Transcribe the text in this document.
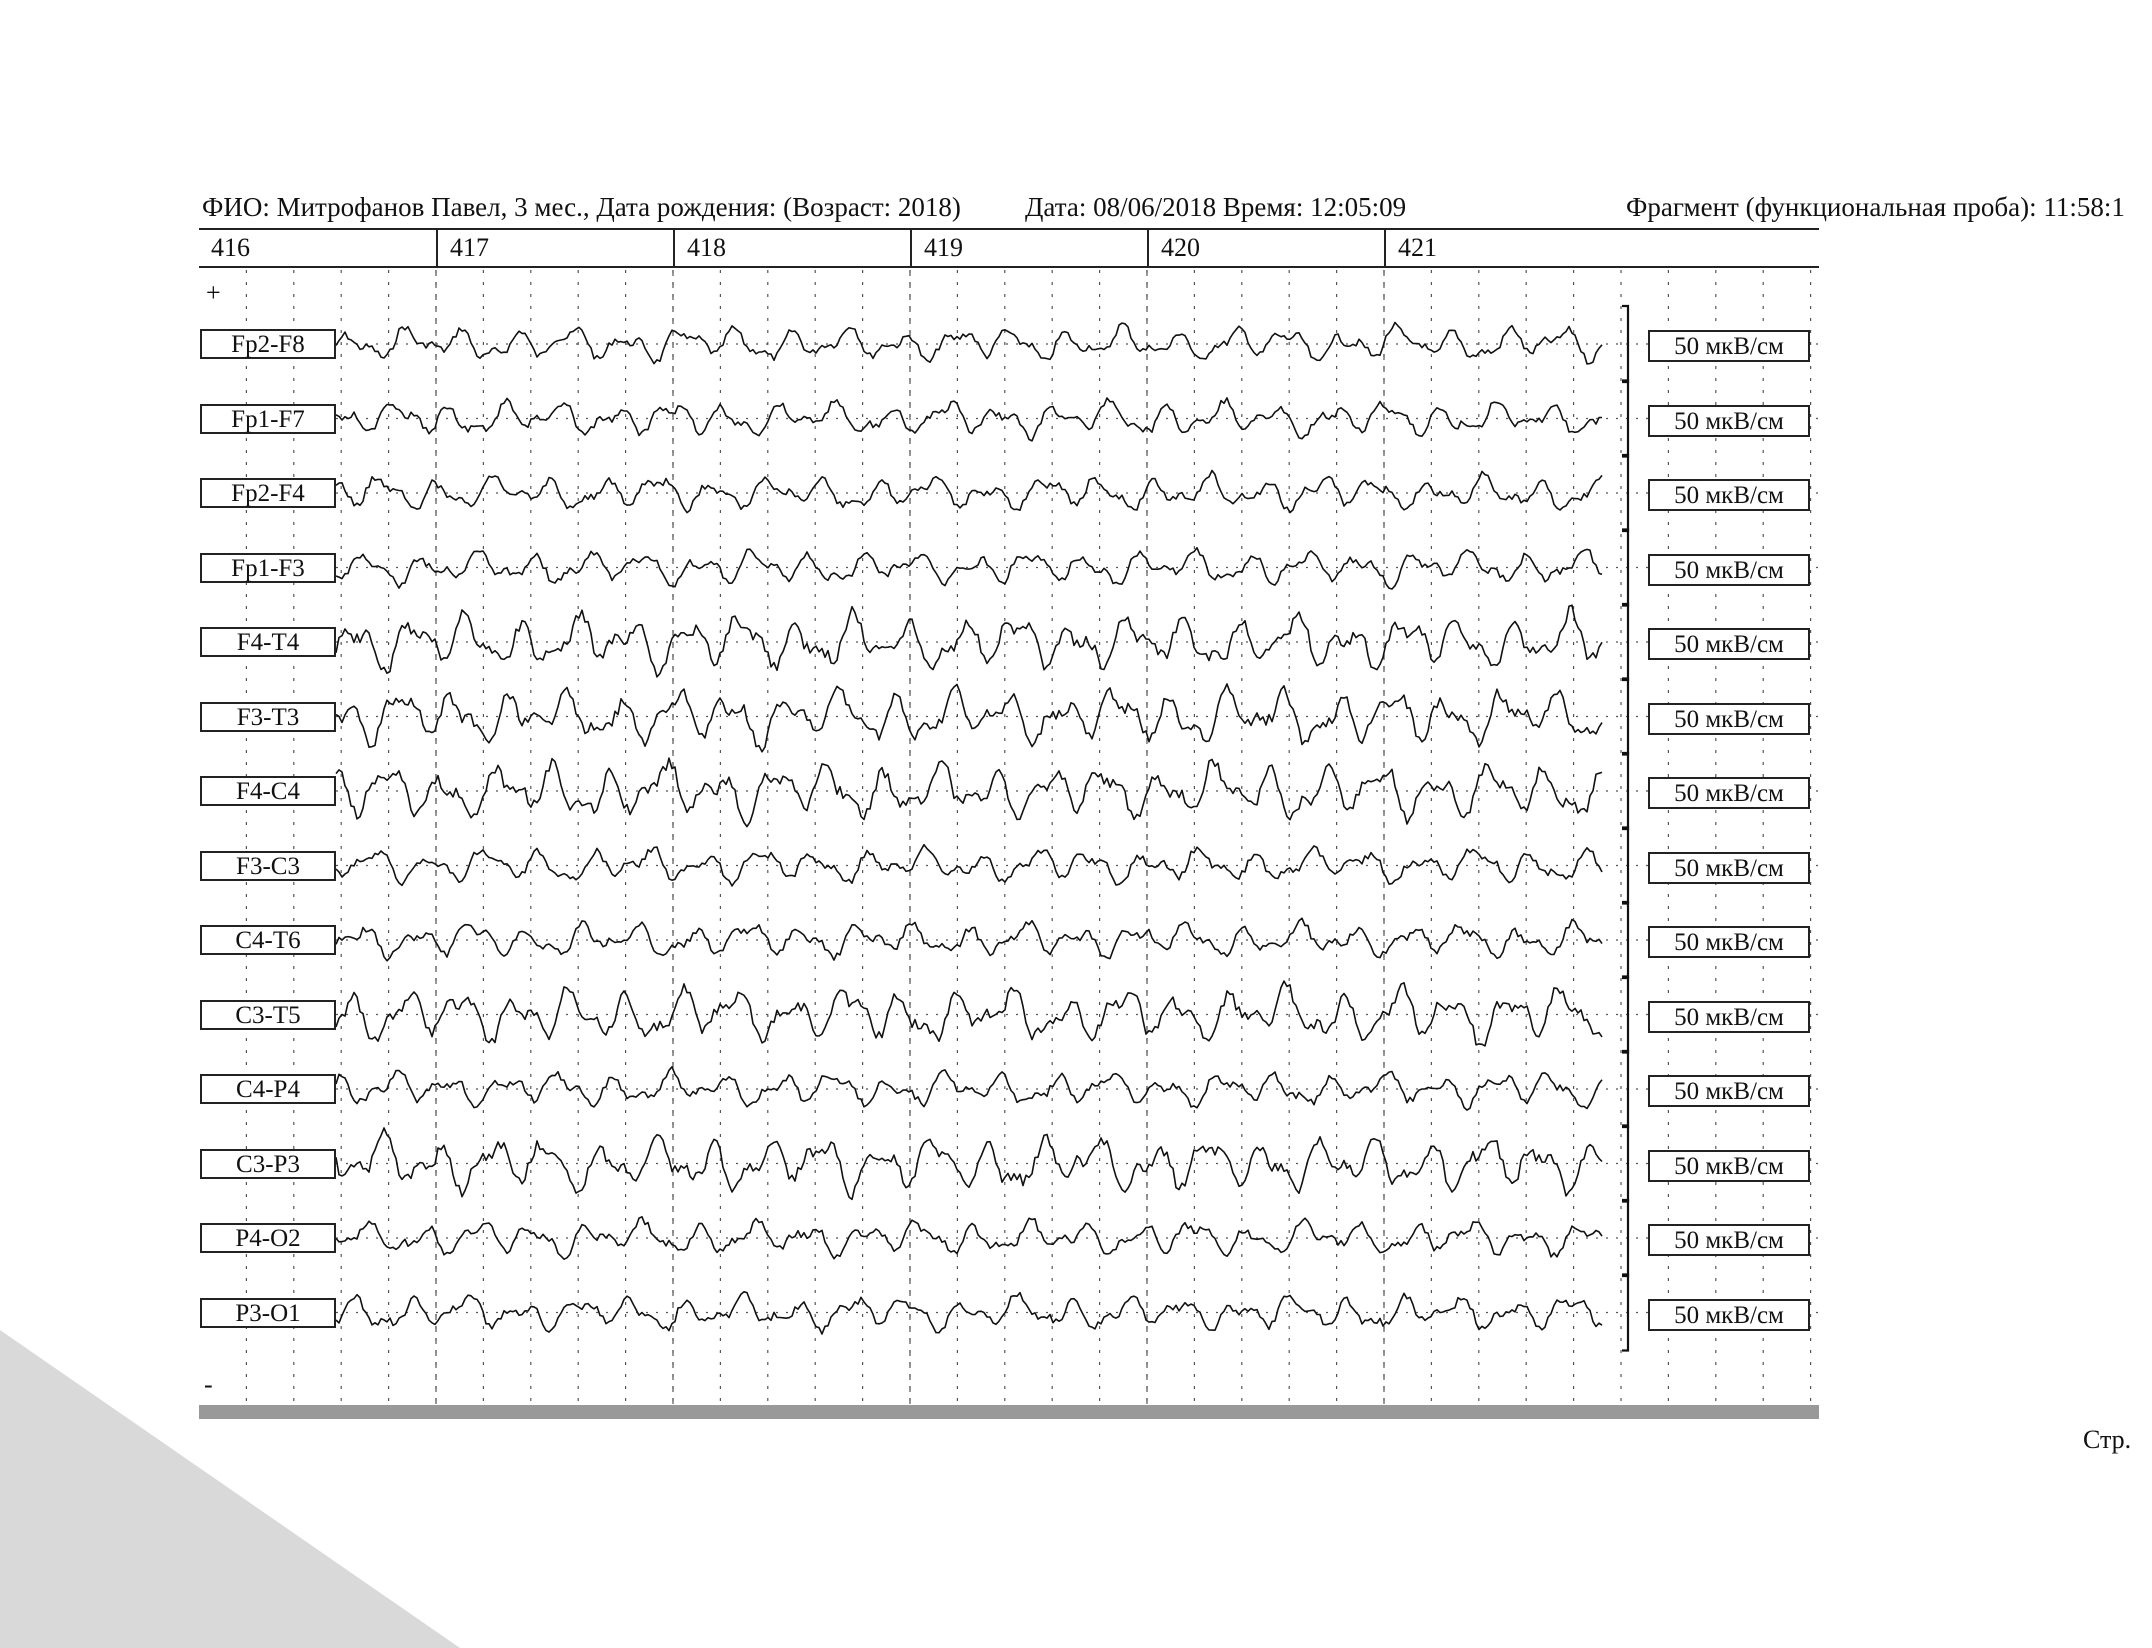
ФИО: Митрофанов Павел, 3 мес., Дата рождения: (Возраст: 2018) Дата: 08/06/2018 Время: 12:05:09	Фрагмент (функциональная проба): 11:58:1
416	417	418	419	420	421
+
-
Fp2-F8
Fp1-F7
Fp2-F4
Fp1-F3
F4-T4
F3-T3
F4-C4
F3-C3
C4-T6
C3-T5
C4-P4
C3-P3
P4-O2
P3-O1
50 мкВ/см
50 мкВ/см
50 мкВ/см
50 мкВ/см
50 мкВ/см
50 мкВ/см
50 мкВ/см
50 мкВ/см
50 мкВ/см
50 мкВ/см
50 мкВ/см
50 мкВ/см
50 мкВ/см
50 мкВ/см
Стр.
